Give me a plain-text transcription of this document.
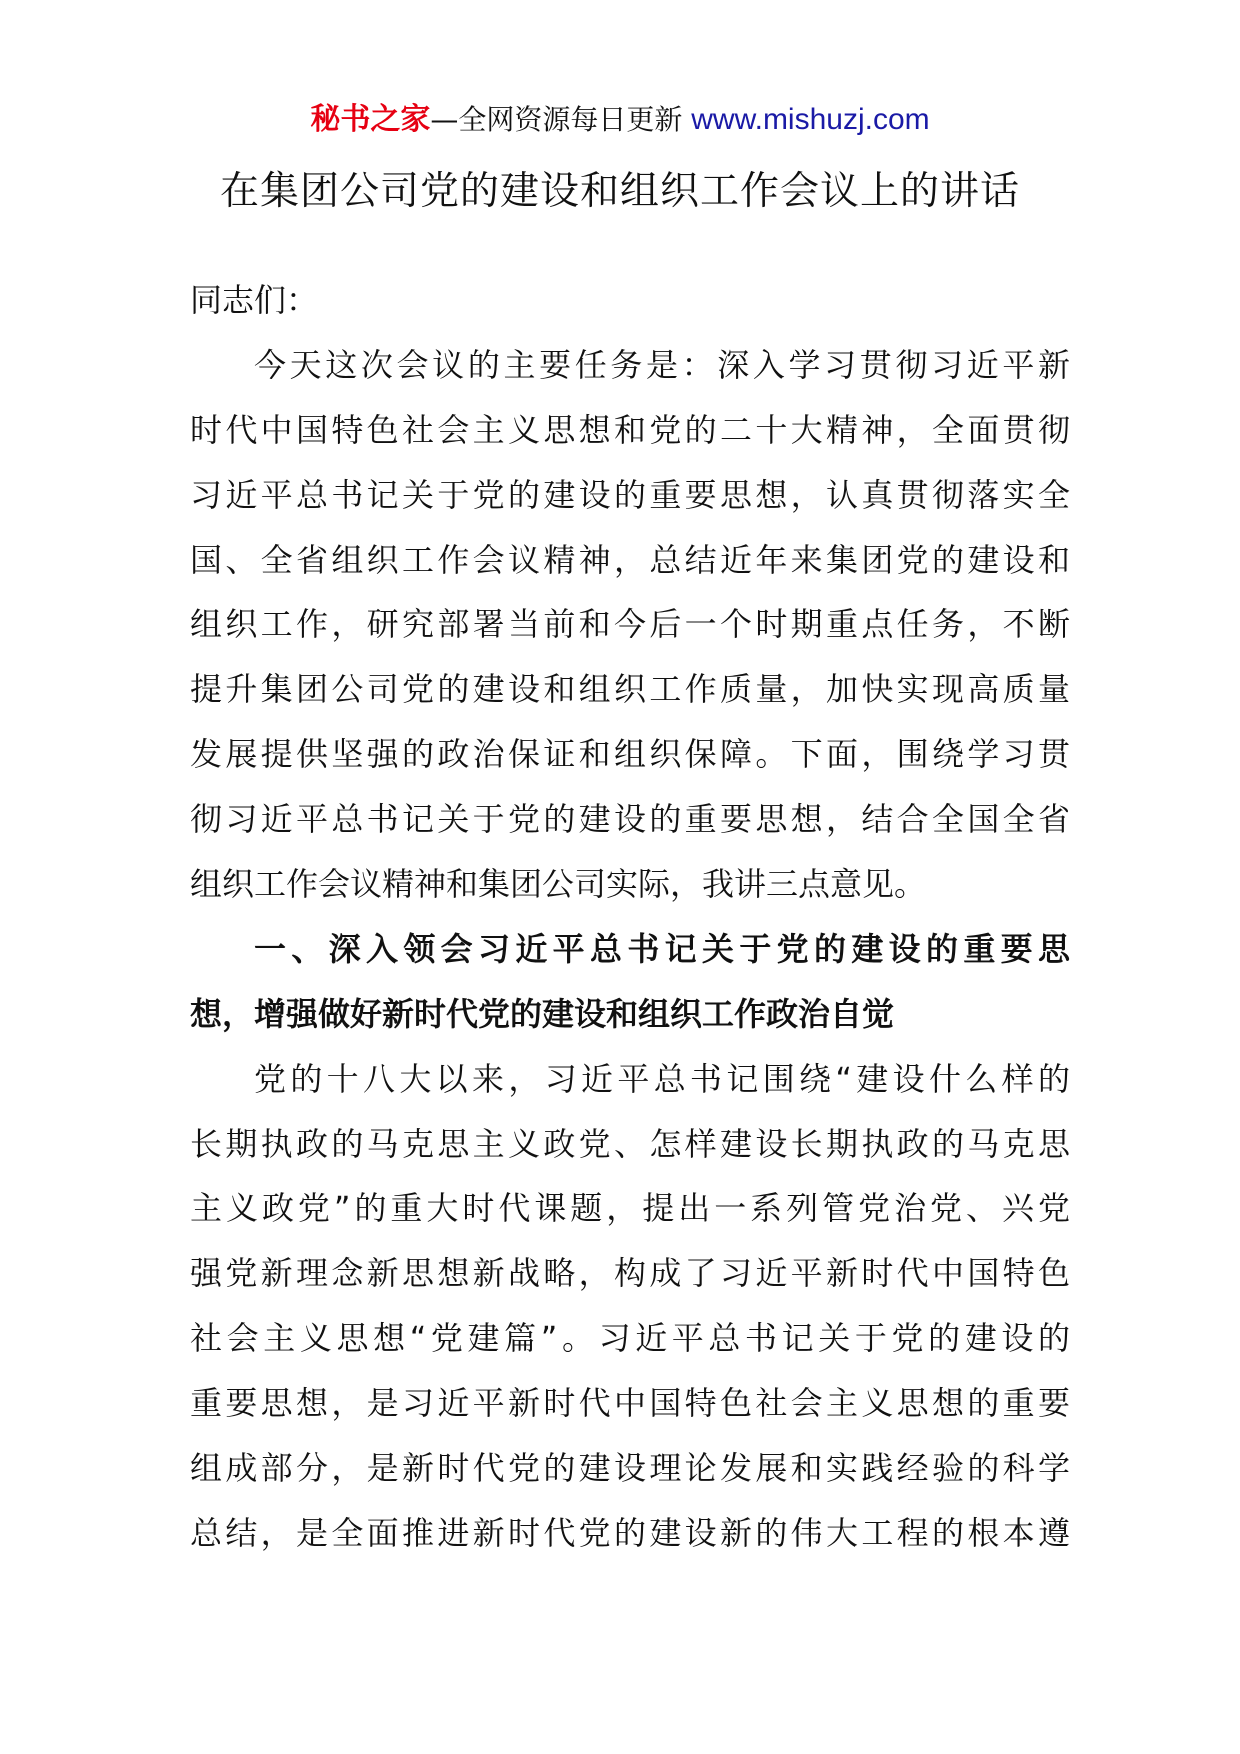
秘书之家—全网资源每日更新 www.mishuzj.com
在集团公司党的建设和组织工作会议上的讲话
同志们：
今天这次会议的主要任务是：深入学习贯彻习近平新
时代中国特色社会主义思想和党的二十大精神，全面贯彻
习近平总书记关于党的建设的重要思想，认真贯彻落实全
国、全省组织工作会议精神，总结近年来集团党的建设和
组织工作，研究部署当前和今后一个时期重点任务，不断
提升集团公司党的建设和组织工作质量，加快实现高质量
发展提供坚强的政治保证和组织保障。下面，围绕学习贯
彻习近平总书记关于党的建设的重要思想，结合全国全省
组织工作会议精神和集团公司实际，我讲三点意见。
一、深入领会习近平总书记关于党的建设的重要思
想，增强做好新时代党的建设和组织工作政治自觉
党的十八大以来，习近平总书记围绕“建设什么样的
长期执政的马克思主义政党、怎样建设长期执政的马克思
主义政党”的重大时代课题，提出一系列管党治党、兴党
强党新理念新思想新战略，构成了习近平新时代中国特色
社会主义思想“党建篇”。习近平总书记关于党的建设的
重要思想，是习近平新时代中国特色社会主义思想的重要
组成部分，是新时代党的建设理论发展和实践经验的科学
总结，是全面推进新时代党的建设新的伟大工程的根本遵
